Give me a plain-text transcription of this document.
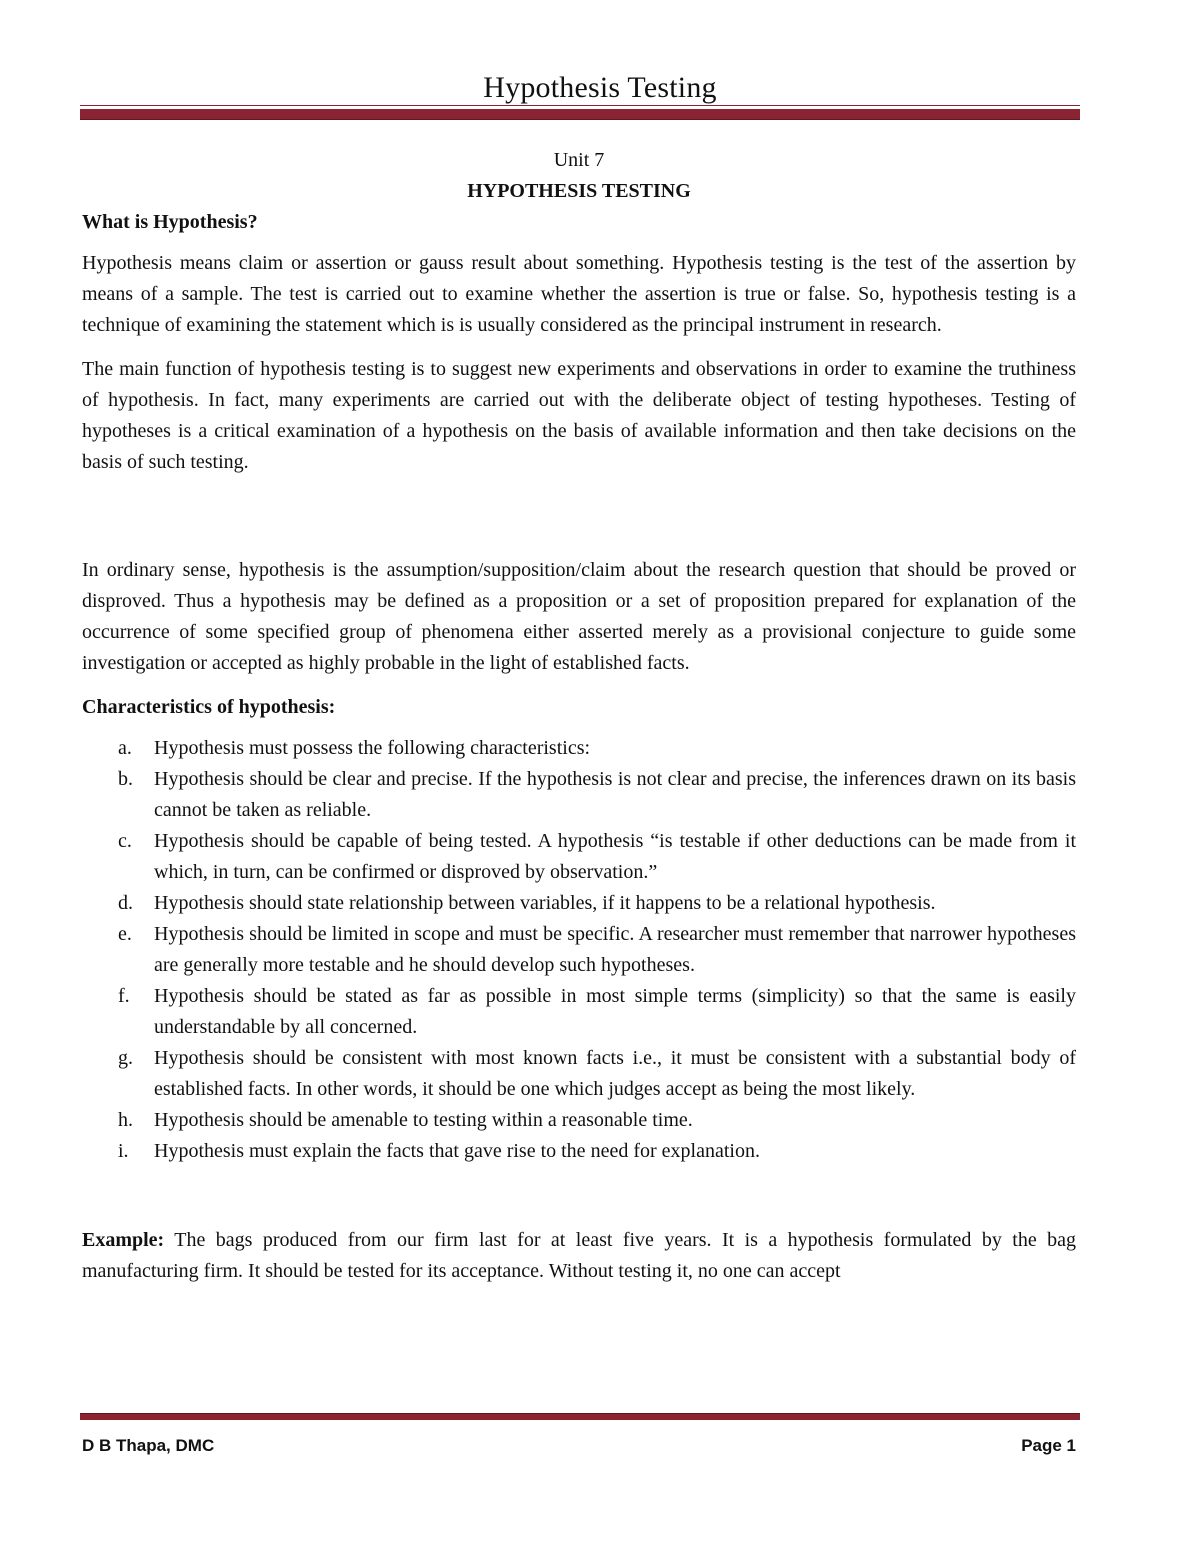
Hypothesis Testing

Unit 7

HYPOTHESIS TESTING

What is Hypothesis?

Hypothesis means claim or assertion or gauss result about something. Hypothesis testing is the test of the assertion by means of a sample. The test is carried out to examine whether the assertion is true or false. So, hypothesis testing is a technique of examining the statement which is is usually considered as the principal instrument in research.

The main function of hypothesis testing is to suggest new experiments and observations in order to examine the truthiness of hypothesis. In fact, many experiments are carried out with the deliberate object of testing hypotheses. Testing of hypotheses is a critical examination of a hypothesis on the basis of available information and then take decisions on the basis of such testing.

In ordinary sense, hypothesis is the assumption/supposition/claim about the research question that should be proved or disproved. Thus a hypothesis may be defined as a proposition or a set of proposition prepared for explanation of the occurrence of some specified group of phenomena either asserted merely as a provisional conjecture to guide some investigation or accepted as highly probable in the light of established facts.

Characteristics of hypothesis:
a. Hypothesis must possess the following characteristics:
b. Hypothesis should be clear and precise. If the hypothesis is not clear and precise, the inferences drawn on its basis cannot be taken as reliable.
c. Hypothesis should be capable of being tested. A hypothesis “is testable if other deductions can be made from it which, in turn, can be confirmed or disproved by observation.”
d. Hypothesis should state relationship between variables, if it happens to be a relational hypothesis.
e. Hypothesis should be limited in scope and must be specific. A researcher must remember that narrower hypotheses are generally more testable and he should develop such hypotheses.
f. Hypothesis should be stated as far as possible in most simple terms (simplicity) so that the same is easily understandable by all concerned.
g. Hypothesis should be consistent with most known facts i.e., it must be consistent with a substantial body of established facts. In other words, it should be one which judges accept as being the most likely.
h. Hypothesis should be amenable to testing within a reasonable time.
i. Hypothesis must explain the facts that gave rise to the need for explanation.

Example: The bags produced from our firm last for at least five years. It is a hypothesis formulated by the bag manufacturing firm. It should be tested for its acceptance. Without testing it, no one can accept

D B Thapa, DMC	Page 1
